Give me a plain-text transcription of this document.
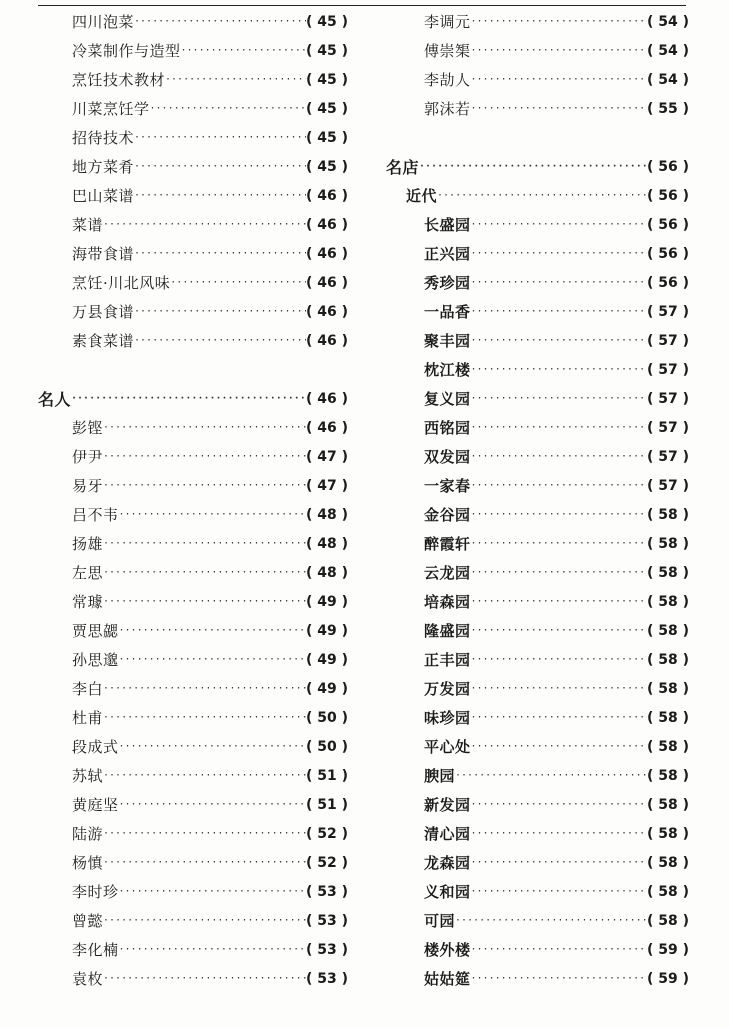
四川泡菜 ·····	( 45 )
冷菜制作与造型 ·····	( 45 )
烹饪技术教材 ·····	( 45 )
川菜烹饪学 ·····	( 45 )
招待技术 ·····	( 45 )
地方菜肴 ·····	( 45 )
巴山菜谱 ·····	( 46 )
菜谱 ·····	( 46 )
海带食谱 ·····	( 46 )
烹饪·川北风味 ·····	( 46 )
万县食谱 ·····	( 46 )
素食菜谱 ·····	( 46 )
名人 ·····	( 46 )
彭铿 ·····	( 46 )
伊尹 ·····	( 47 )
易牙 ·····	( 47 )
吕不韦 ·····	( 48 )
扬雄 ·····	( 48 )
左思 ·····	( 48 )
常璩 ·····	( 49 )
贾思勰 ·····	( 49 )
孙思邈 ·····	( 49 )
李白 ·····	( 49 )
杜甫 ·····	( 50 )
段成式 ·····	( 50 )
苏轼 ·····	( 51 )
黄庭坚 ·····	( 51 )
陆游 ·····	( 52 )
杨慎 ·····	( 52 )
李时珍 ·····	( 53 )
曾懿 ·····	( 53 )
李化楠 ·····	( 53 )
袁枚 ·····	( 53 )
李调元 ·····	( 54 )
傅崇榘 ·····	( 54 )
李劼人 ·····	( 54 )
郭沫若 ·····	( 55 )
名店 ·····	( 56 )
近代 ·····	( 56 )
长盛园 ·····	( 56 )
正兴园 ·····	( 56 )
秀珍园 ·····	( 56 )
一品香 ·····	( 57 )
聚丰园 ·····	( 57 )
枕江楼 ·····	( 57 )
复义园 ·····	( 57 )
西铭园 ·····	( 57 )
双发园 ·····	( 57 )
一家春 ·····	( 57 )
金谷园 ·····	( 58 )
醉霞轩 ·····	( 58 )
云龙园 ·····	( 58 )
培森园 ·····	( 58 )
隆盛园 ·····	( 58 )
正丰园 ·····	( 58 )
万发园 ·····	( 58 )
味珍园 ·····	( 58 )
平心处 ·····	( 58 )
腴园 ·····	( 58 )
新发园 ·····	( 58 )
清心园 ·····	( 58 )
龙森园 ·····	( 58 )
义和园 ·····	( 58 )
可园 ·····	( 58 )
楼外楼 ·····	( 59 )
姑姑筵 ·····	( 59 )
